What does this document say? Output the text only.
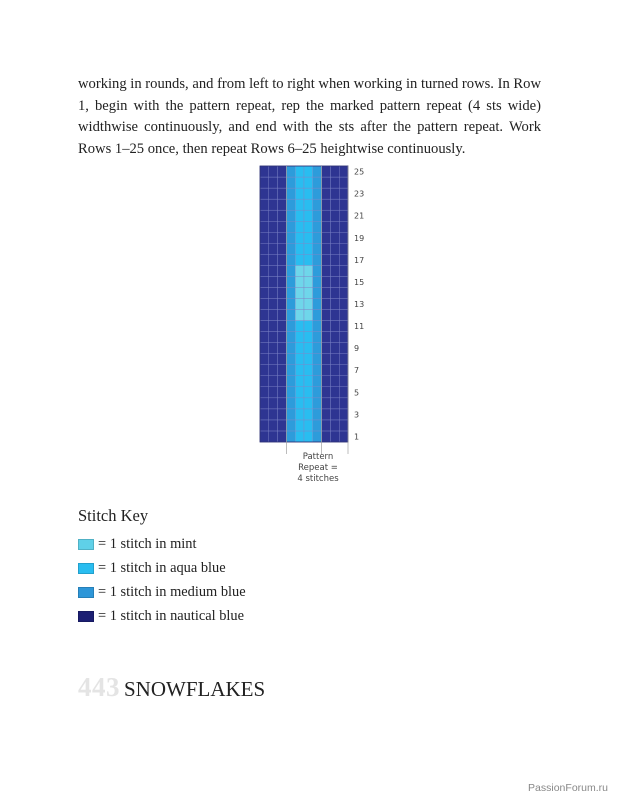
working in rounds, and from left to right when working in turned rows. In Row 1, begin with the pattern repeat, rep the marked pattern repeat (4 sts wide) widthwise continuously, and end with the sts after the pattern repeat. Work Rows 1–25 once, then repeat Rows 6–25 heightwise continuously.

1
3
5
7
9
11
13
15
17
19
21
23
25
Pattern
Repeat =
4 stitches
Stitch Key
= 1 stitch in mint
= 1 stitch in aqua blue
= 1 stitch in medium blue
= 1 stitch in nautical blue
443 SNOWFLAKES
PassionForum.ru
